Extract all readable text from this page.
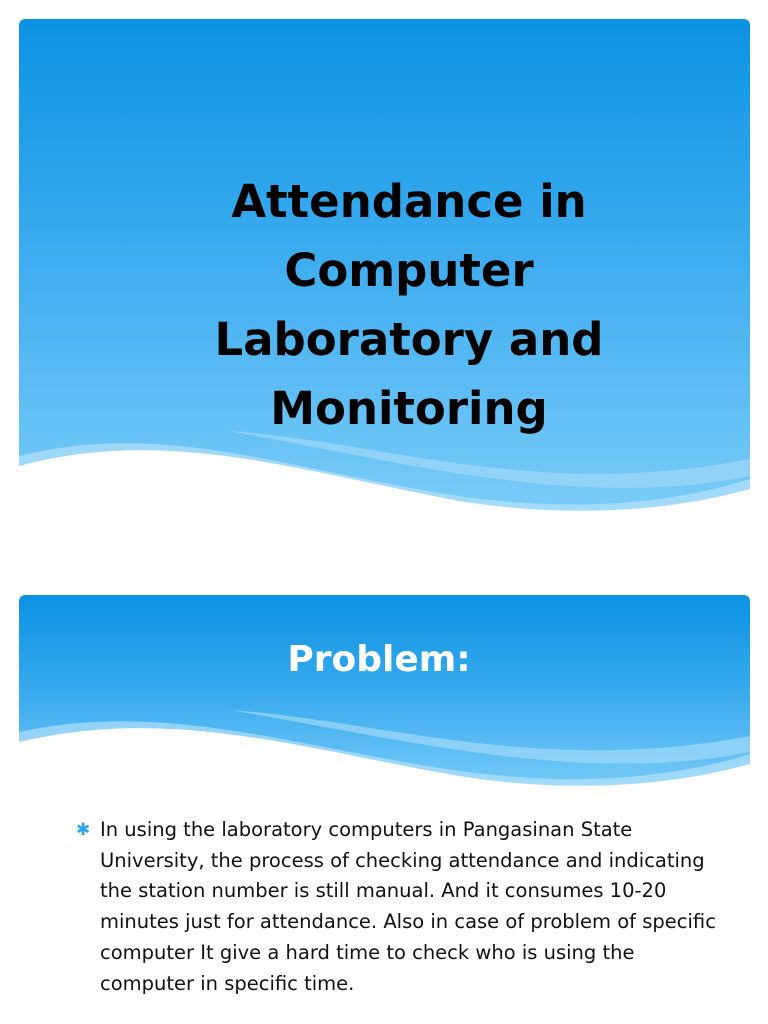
Attendance in Computer Laboratory and Monitoring
Problem:
✱ In using the laboratory computers in Pangasinan State University, the process of checking attendance and indicating the station number is still manual. And it consumes 10-20 minutes just for attendance. Also in case of problem of specific computer It give a hard time to check who is using the computer in specific time.
